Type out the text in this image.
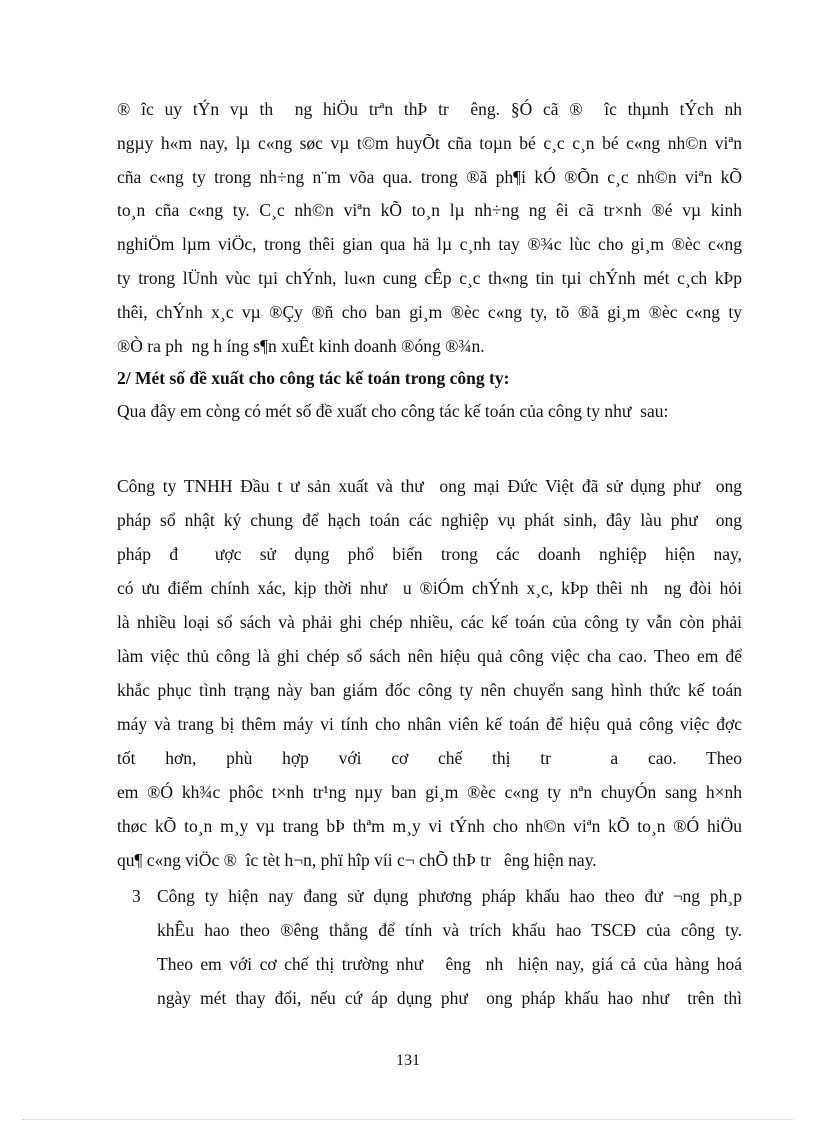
® îc uy tÝn vµ th ng hiÖu trªn thÞ tr êng. §Ó cã ® îc thµnh tÝch nh
ngµy h«m nay, lµ c«ng søc vµ t©m huyÕt cña toµn bé c¸c c¸n bé c«ng nh©n viªn
cña c«ng ty trong nh÷ng n¨m võa qua. trong ®ã ph¶i kÓ ®Õn c¸c nh©n viªn kÕ
to¸n cña c«ng ty. C¸c nh©n viªn kÕ to¸n lµ nh÷ng ng êi cã tr×nh ®é vµ kinh
nghiÖm lµm viÖc, trong thêi gian qua hä lµ c¸nh tay ®¾c lùc cho gi¸m ®èc c«ng
ty trong lÜnh vùc tµi chÝnh, lu«n cung cÊp c¸c th«ng tin tµi chÝnh mét c¸ch kÞp
thêi, chÝnh x¸c vµ ®Çy ®ñ cho ban gi¸m ®èc c«ng ty, tõ ®ã gi¸m ®èc c«ng ty
®Ò ra ph ng h íng s¶n xuÊt kinh doanh ®óng ®¾n.
2/ Mét số đề xuất cho công tác kế toán trong công ty:
Qua đây em còng có mét số đề xuất cho công tác kế toán của công ty như sau:
Công ty TNHH Đầu t ư sản xuất và thư ong mại Đức Việt đã sử dụng phư ong
pháp sổ nhật ký chung để hạch toán các nghiệp vụ phát sinh, đây làu phư ong
pháp đ ược sử dụng phổ biến trong các doanh nghiệp hiện nay,
có ưu điểm chính xác, kịp thời như u ®iÓm chÝnh x¸c, kÞp thêi nh ng đòi hỏi
là nhiều loại sổ sách và phải ghi chép nhiều, các kế toán của công ty vẫn còn phải
làm việc thủ công là ghi chép sổ sách nên hiệu quả công việc cha cao. Theo em để
khắc phục tình trạng này ban giám đốc công ty nên chuyển sang hình thức kế toán
máy và trang bị thêm máy vi tính cho nhân viên kế toán để hiệu quả công việc đợc
tốt hơn, phù hợp với cơ chế thị tr a cao. Theo
em ®Ó kh¾c phôc t×nh tr¹ng nµy ban gi¸m ®èc c«ng ty nªn chuyÓn sang h×nh
thøc kÕ to¸n m¸y vµ trang bÞ thªm m¸y vi tÝnh cho nh©n viªn kÕ to¸n ®Ó hiÖu
qu¶ c«ng viÖc ® îc tèt h¬n, phï hîp víi c¬ chÕ thÞ tr êng hiện nay.
3 Công ty hiện nay đang sử dụng phương pháp khấu hao theo đư ¬ng ph¸p
khÊu hao theo ®êng thẳng để tính và trích khấu hao TSCĐ của công ty.
Theo em với cơ chế thị trường như êng nh hiện nay, giá cả của hàng hoá
ngày mét thay đổi, nếu cứ áp dụng phư ong pháp khấu hao như trên thì
131
